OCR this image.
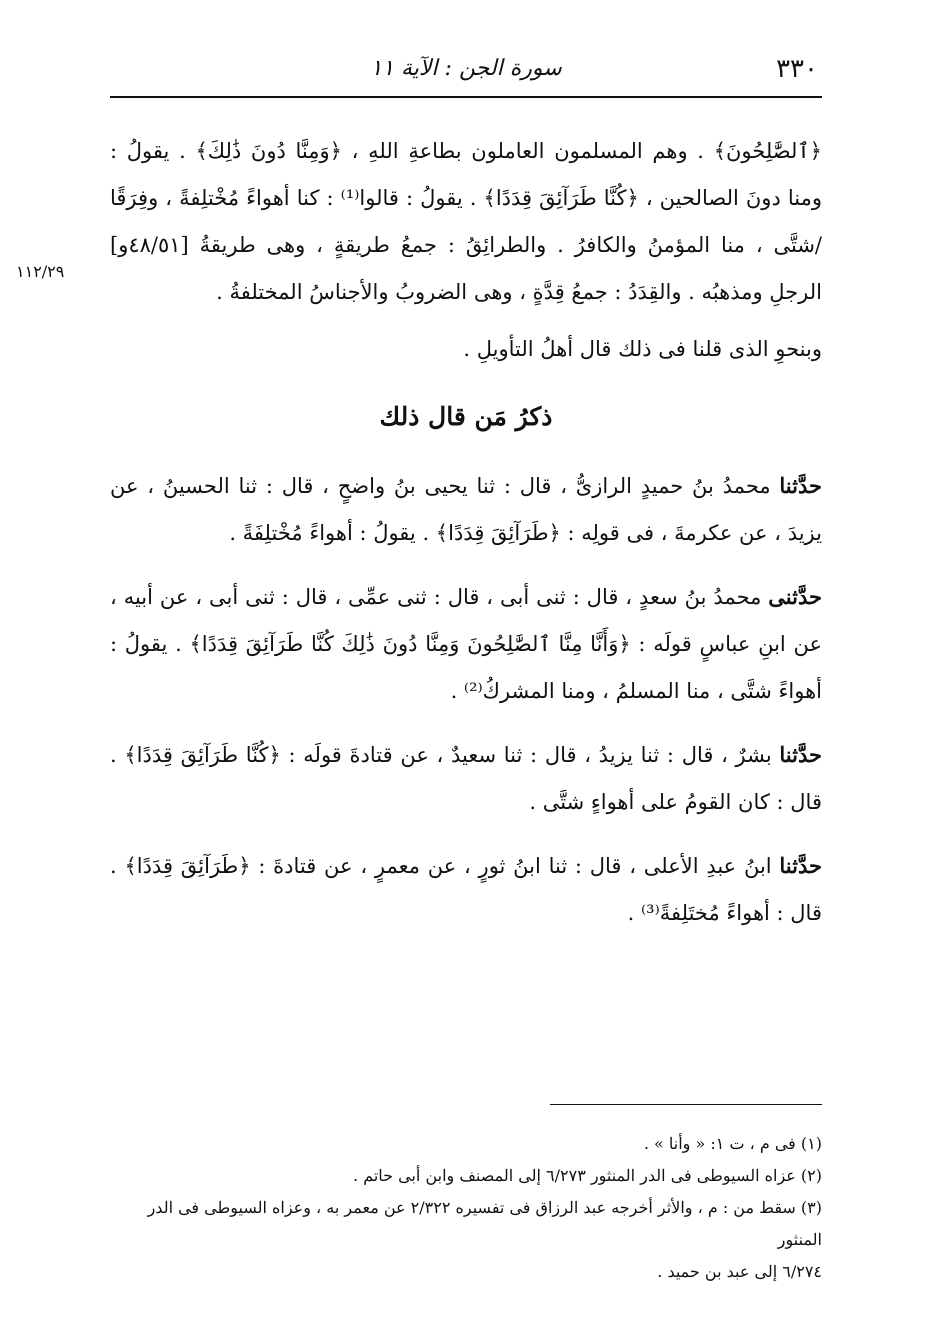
٣٣٠
سورة الجن : الآية ١١
١١٢/٢٩

﴿ٱلصَّٰلِحُونَ﴾ . وهم المسلمون العاملون بطاعةِ اللهِ ، ﴿وَمِنَّا دُونَ ذَٰلِكَ﴾ . يقولُ : ومنا دونَ الصالحين ، ﴿كُنَّا طَرَآئِقَ قِدَدًا﴾ . يقولُ : قالوا⁽¹⁾ : كنا أهواءً مُخْتلِفةً ، وفِرَقًا /شتَّى ، منا المؤمنُ والكافرُ . والطرائِقُ : جمعُ طريقةٍ ، وهى طريقةُ [٤٨/٥١و] الرجلِ ومذهبُه . والقِدَدُ : جمعُ قِدَّةٍ ، وهى الضروبُ والأجناسُ المختلفةُ .

وبنحوِ الذى قلنا فى ذلك قال أهلُ التأويلِ .

ذكرُ مَن قال ذلك

حدَّثنا محمدُ بنُ حميدٍ الرازىُّ ، قال : ثنا يحيى بنُ واضحٍ ، قال : ثنا الحسينُ ، عن يزيدَ ، عن عكرمةَ ، فى قولِه : ﴿طَرَآئِقَ قِدَدًا﴾ . يقولُ : أهواءً مُخْتلِفَةً .

حدَّثنى محمدُ بنُ سعدٍ ، قال : ثنى أبى ، قال : ثنى عمِّى ، قال : ثنى أبى ، عن أبيه ، عن ابنِ عباسٍ قولَه : ﴿وَأَنَّا مِنَّا ٱلصَّٰلِحُونَ وَمِنَّا دُونَ ذَٰلِكَ كُنَّا طَرَآئِقَ قِدَدًا﴾ . يقولُ : أهواءً شتَّى ، منا المسلمُ ، ومنا المشركُ⁽²⁾ .

حدَّثنا بشرٌ ، قال : ثنا يزيدُ ، قال : ثنا سعيدٌ ، عن قتادةَ قولَه : ﴿كُنَّا طَرَآئِقَ قِدَدًا﴾ . قال : كان القومُ على أهواءٍ شتَّى .

حدَّثنا ابنُ عبدِ الأعلى ، قال : ثنا ابنُ ثورٍ ، عن معمرٍ ، عن قتادةَ : ﴿طَرَآئِقَ قِدَدًا﴾ . قال : أهواءً مُختَلِفةً⁽³⁾ .

(١) فى م ، ت ١: « وأنا » .
(٢) عزاه السيوطى فى الدر المنثور ٦/٢٧٣ إلى المصنف وابن أبى حاتم .
(٣) سقط من : م ، والأثر أخرجه عبد الرزاق فى تفسيره ٢/٣٢٢ عن معمر به ، وعزاه السيوطى فى الدر المنثور
٦/٢٧٤ إلى عبد بن حميد .
